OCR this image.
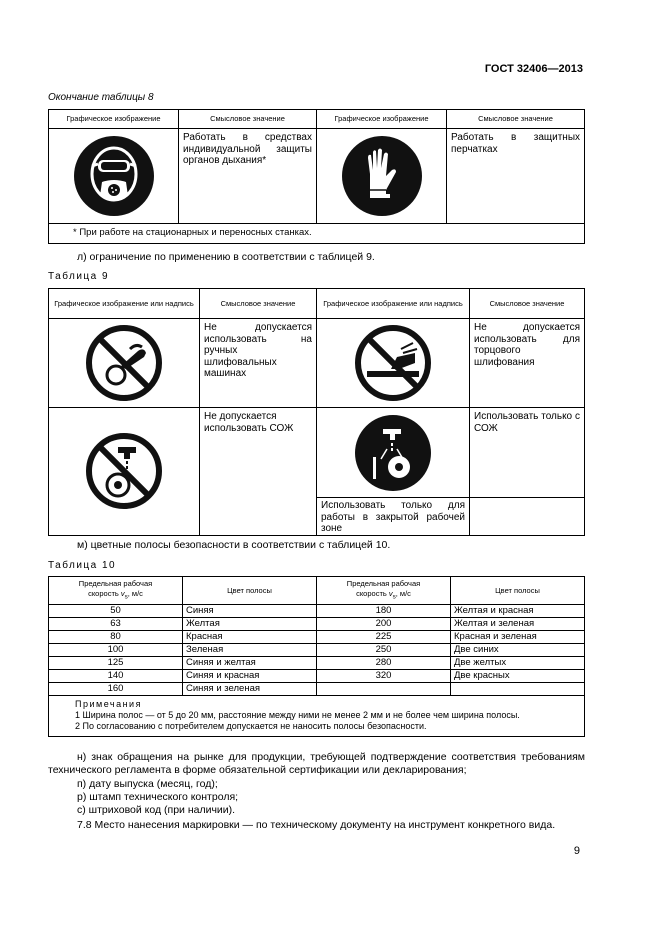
ГОСТ 32406—2013
Окончание таблицы 8
Графическое изображение	Смысловое значение	Графическое изображение	Смысловое значение

	Работать в средствах индивидуальной защиты органов дыхания*		Работать в защитных перчатках
* При работе на стационарных и переносных станках.			
л) ограничение по применению в соответствии с таблицей 9.
Таблица 9
Графическое изображение или надпись	Смысловое значение	Графическое изображение или надпись	Смысловое значение

	Не допускается использовать на ручных шлифовальных машинах		Не допускается использовать для торцового шлифования

	Не допускается использовать СОЖ		Использовать только с СОЖ
		Использовать только для работы в закрытой рабочей зоне	
м) цветные полосы безопасности в соответствии с таблицей 10.
Таблица 10
Предельная рабочая
скорость $v_s$, м/с	Цвет полосы	Предельная рабочая
скорость $v_s$, м/с	Цвет полосы
50	Синяя	180	Желтая и красная
63	Желтая	200	Желтая и зеленая
80	Красная	225	Красная и зеленая
100	Зеленая	250	Две синих
125	Синяя и желтая	280	Две желтых
140	Синяя и красная	320	Две красных
160	Синяя и зеленая		

Примечания
1 Ширина полос — от 5 до 20 мм, расстояние между ними не менее 2 мм и не более чем ширина полосы.
2 По согласованию с потребителем допускается не наносить полосы безопасности.			
н) знак обращения на рынке для продукции, требующей подтверждение соответствия требованиям технического регламента в форме обязательной сертификации или декларирования;
п) дату выпуска (месяц, год);
р) штамп технического контроля;
с) штриховой код (при наличии).
7.8 Место нанесения маркировки — по техническому документу на инструмент конкретного вида.
9
